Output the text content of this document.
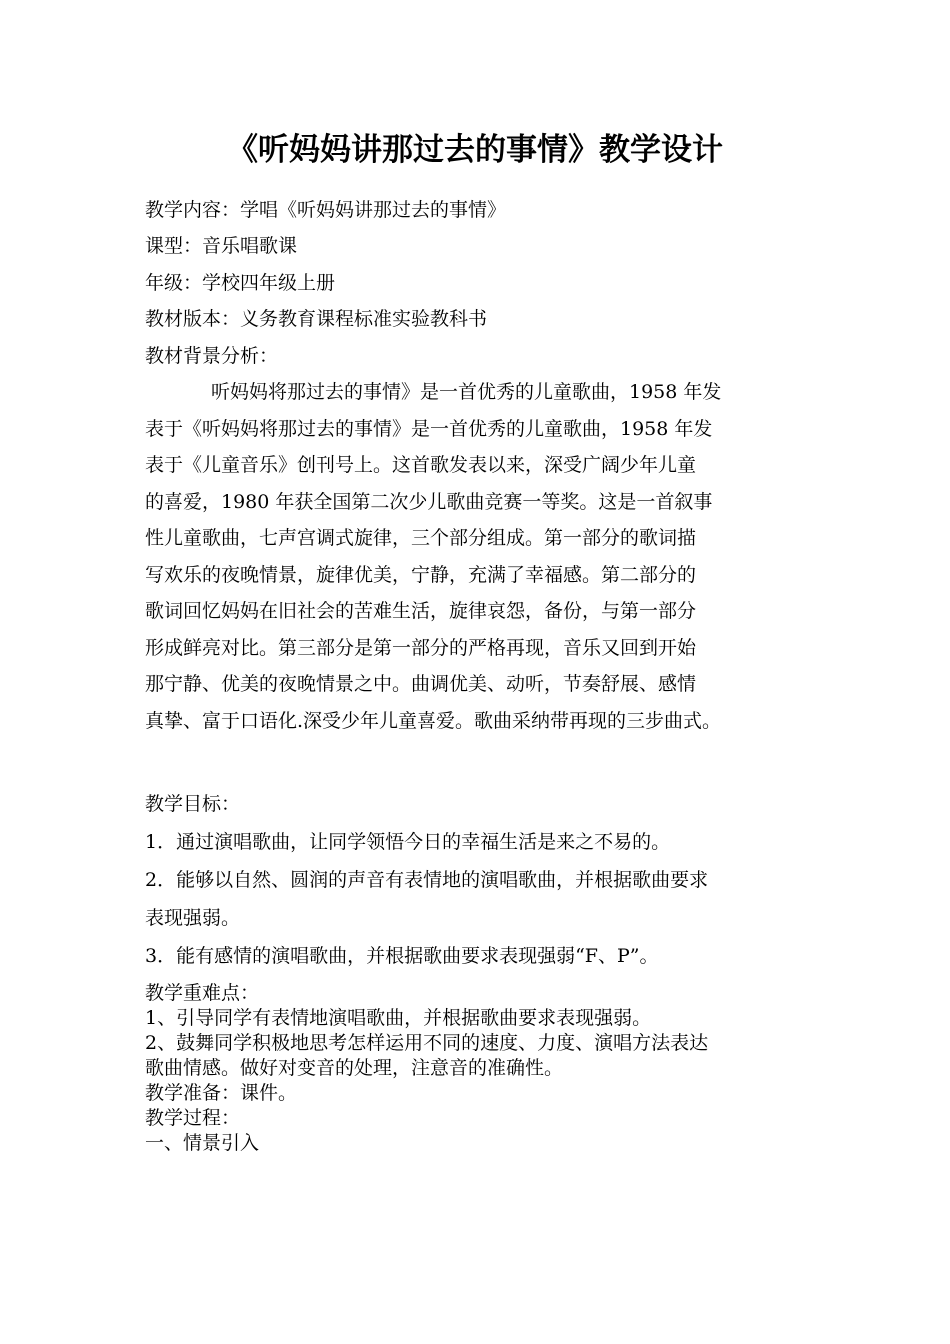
《听妈妈讲那过去的事情》教学设计
教学内容：学唱《听妈妈讲那过去的事情》
课型：音乐唱歌课
年级：学校四年级上册
教材版本：义务教育课程标准实验教科书
教材背景分析：
听妈妈将那过去的事情》是一首优秀的儿童歌曲，1958 年发
表于《听妈妈将那过去的事情》是一首优秀的儿童歌曲，1958 年发
表于《儿童音乐》创刊号上。这首歌发表以来，深受广阔少年儿童
的喜爱，1980 年获全国第二次少儿歌曲竞赛一等奖。这是一首叙事
性儿童歌曲，七声宫调式旋律，三个部分组成。第一部分的歌词描
写欢乐的夜晚情景，旋律优美，宁静，充满了幸福感。第二部分的
歌词回忆妈妈在旧社会的苦难生活，旋律哀怨，备份，与第一部分
形成鲜亮对比。第三部分是第一部分的严格再现，音乐又回到开始
那宁静、优美的夜晚情景之中。曲调优美、动听，节奏舒展、感情
真挚、富于口语化.深受少年儿童喜爱。歌曲采纳带再现的三步曲式。
教学目标：
1．通过演唱歌曲，让同学领悟今日的幸福生活是来之不易的。
2．能够以自然、圆润的声音有表情地的演唱歌曲，并根据歌曲要求
表现强弱。
3．能有感情的演唱歌曲，并根据歌曲要求表现强弱“F、P”。
教学重难点：
1、引导同学有表情地演唱歌曲，并根据歌曲要求表现强弱。
2、鼓舞同学积极地思考怎样运用不同的速度、力度、演唱方法表达
歌曲情感。做好对变音的处理，注意音的准确性。
教学准备：课件。
教学过程：
一、情景引入
